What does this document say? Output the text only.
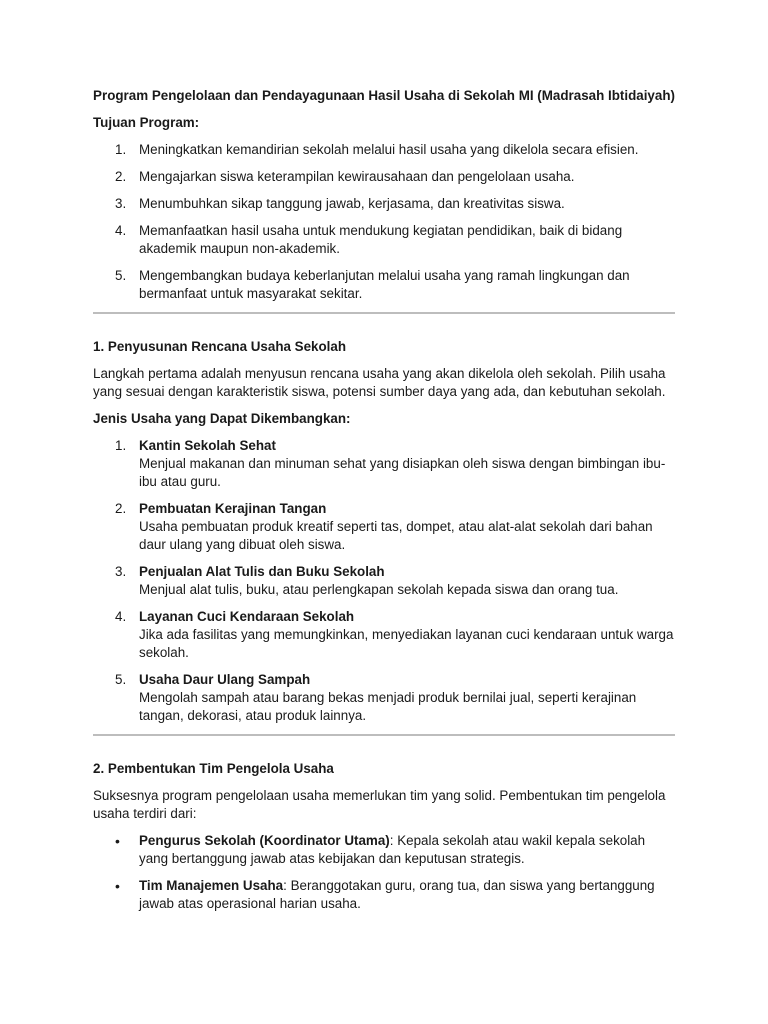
Program Pengelolaan dan Pendayagunaan Hasil Usaha di Sekolah MI (Madrasah Ibtidaiyah)

Tujuan Program:

1. Meningkatkan kemandirian sekolah melalui hasil usaha yang dikelola secara efisien.
2. Mengajarkan siswa keterampilan kewirausahaan dan pengelolaan usaha.
3. Menumbuhkan sikap tanggung jawab, kerjasama, dan kreativitas siswa.
4. Memanfaatkan hasil usaha untuk mendukung kegiatan pendidikan, baik di bidang akademik maupun non-akademik.
5. Mengembangkan budaya keberlanjutan melalui usaha yang ramah lingkungan dan bermanfaat untuk masyarakat sekitar.

1. Penyusunan Rencana Usaha Sekolah

Langkah pertama adalah menyusun rencana usaha yang akan dikelola oleh sekolah. Pilih usaha yang sesuai dengan karakteristik siswa, potensi sumber daya yang ada, dan kebutuhan sekolah.

Jenis Usaha yang Dapat Dikembangkan:

1. Kantin Sekolah Sehat
Menjual makanan dan minuman sehat yang disiapkan oleh siswa dengan bimbingan ibu-ibu atau guru.
2. Pembuatan Kerajinan Tangan
Usaha pembuatan produk kreatif seperti tas, dompet, atau alat-alat sekolah dari bahan daur ulang yang dibuat oleh siswa.
3. Penjualan Alat Tulis dan Buku Sekolah
Menjual alat tulis, buku, atau perlengkapan sekolah kepada siswa dan orang tua.
4. Layanan Cuci Kendaraan Sekolah
Jika ada fasilitas yang memungkinkan, menyediakan layanan cuci kendaraan untuk warga sekolah.
5. Usaha Daur Ulang Sampah
Mengolah sampah atau barang bekas menjadi produk bernilai jual, seperti kerajinan tangan, dekorasi, atau produk lainnya.

2. Pembentukan Tim Pengelola Usaha

Suksesnya program pengelolaan usaha memerlukan tim yang solid. Pembentukan tim pengelola usaha terdiri dari:

• Pengurus Sekolah (Koordinator Utama): Kepala sekolah atau wakil kepala sekolah yang bertanggung jawab atas kebijakan dan keputusan strategis.
• Tim Manajemen Usaha: Beranggotakan guru, orang tua, dan siswa yang bertanggung jawab atas operasional harian usaha.
